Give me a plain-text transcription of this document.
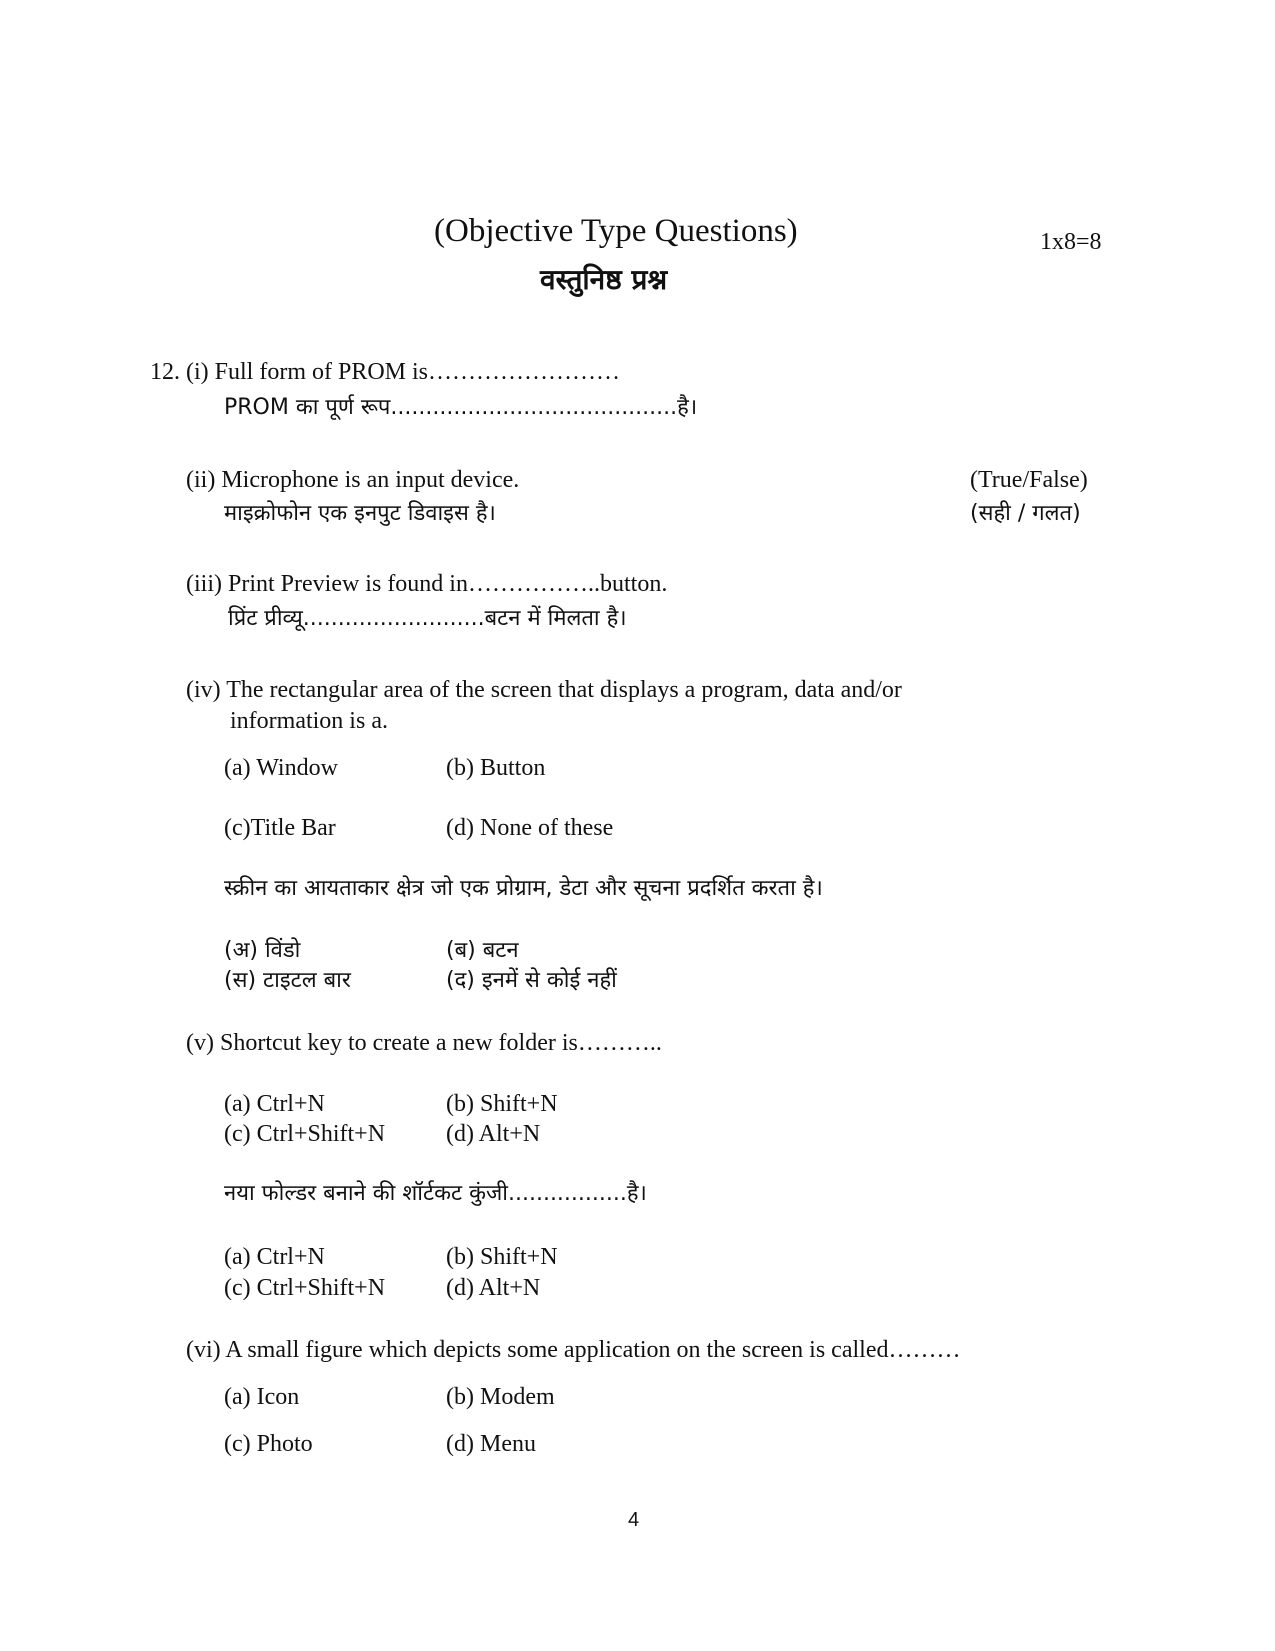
(Objective Type Questions)	1x8=8
वस्तुनिष्ठ प्रश्न
12. (i) Full form of PROM is……………………
PROM का पूर्ण रूप.........................................है।
(ii) Microphone is an input device.	(True/False)
माइक्रोफोन एक इनपुट डिवाइस है।	(सही / गलत)
(iii) Print Preview is found in……………..button.
प्रिंट प्रीव्यू..........................बटन में मिलता है।
(iv) The rectangular area of the screen that displays a program, data and/or
information is a.
(a) Window	(b) Button
(c)Title Bar	(d) None of these
स्क्रीन का आयताकार क्षेत्र जो एक प्रोग्राम, डेटा और सूचना प्रदर्शित करता है।
(अ) विंडो	(ब) बटन
(स) टाइटल बार	(द) इनमें से कोई नहीं
(v) Shortcut key to create a new folder is………..
(a) Ctrl+N	(b) Shift+N
(c) Ctrl+Shift+N	(d) Alt+N
नया फोल्डर बनाने की शॉर्टकट कुंजी.................है।
(a) Ctrl+N	(b) Shift+N
(c) Ctrl+Shift+N	(d) Alt+N
(vi) A small figure which depicts some application on the screen is called………
(a) Icon	(b) Modem
(c) Photo	(d) Menu
4
